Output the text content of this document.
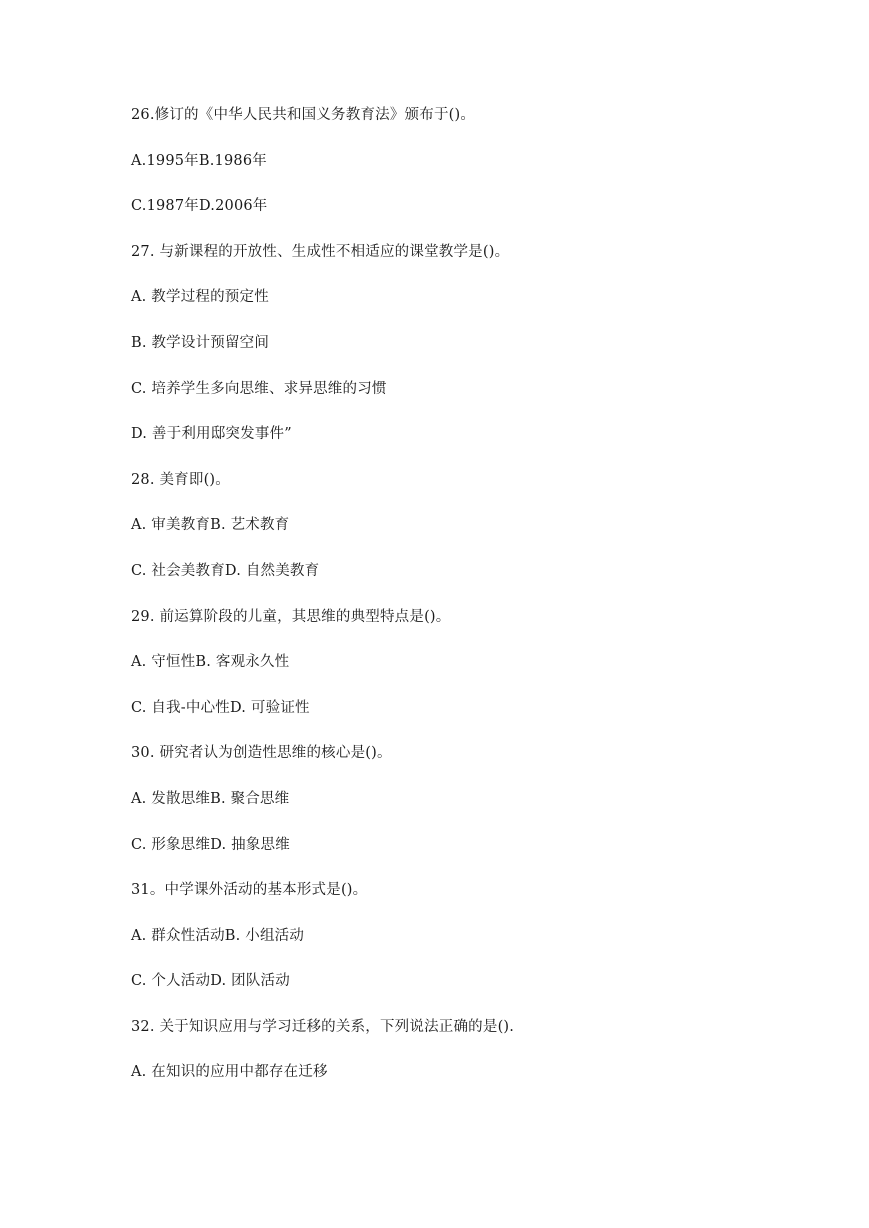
26.修订的《中华人民共和国义务教育法》颁布于()。
A.1995年B.1986年
C.1987年D.2006年
27. 与新课程的开放性、生成性不相适应的课堂教学是()。
A. 教学过程的预定性
B. 教学设计预留空间
C. 培养学生多向思维、求异思维的习惯
D. 善于利用邸突发事件”
28. 美育即()。
A. 审美教育B. 艺术教育
C. 社会美教育D. 自然美教育
29. 前运算阶段的儿童，其思维的典型特点是()。
A. 守恒性B. 客观永久性
C. 自我-中心性D. 可验证性
30. 研究者认为创造性思维的核心是()。
A. 发散思维B. 聚合思维
C. 形象思维D. 抽象思维
31。中学课外活动的基本形式是()。
A. 群众性活动B. 小组活动
C. 个人活动D. 团队活动
32. 关于知识应用与学习迁移的关系，下列说法正确的是().
A. 在知识的应用中都存在迁移
